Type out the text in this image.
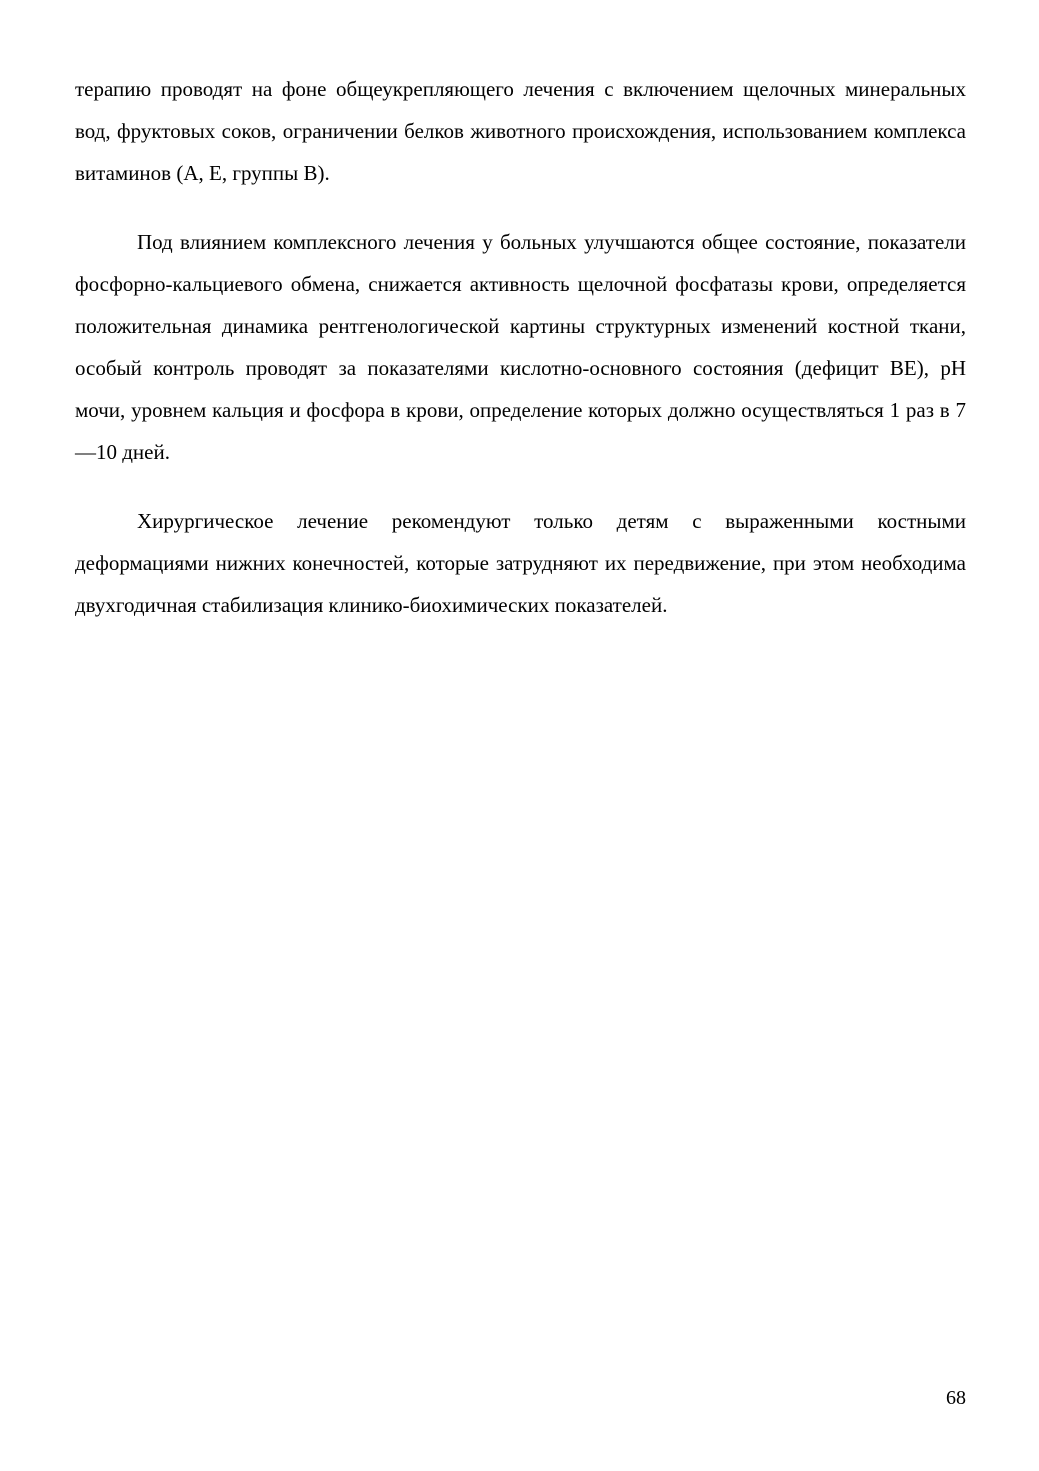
терапию проводят на фоне общеукрепляющего лечения с включением щелочных минеральных вод, фруктовых соков, ограничении белков животного происхождения, использованием комплекса витаминов (А, Е, группы В).

Под влиянием комплексного лечения у больных улучшаются общее состояние, показатели фосфорно-кальциевого обмена, снижается активность щелочной фосфатазы крови, определяется положительная динамика рентгенологической картины структурных изменений костной ткани, особый контроль проводят за показателями кислотно-основного состояния (дефицит ВЕ), pH мочи, уровнем кальция и фосфора в крови, определение которых должно осуществляться 1 раз в 7—10 дней.

Хирургическое лечение рекомендуют только детям с выраженными костными деформациями нижних конечностей, которые затрудняют их передвижение, при этом необходима двухгодичная стабилизация клинико-биохимических показателей.

68
